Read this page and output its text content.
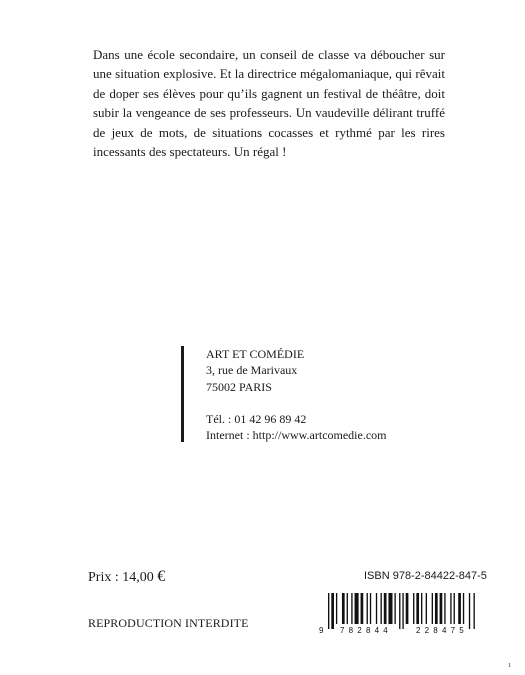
Dans une école secondaire, un conseil de classe va déboucher sur une situation explosive. Et la directrice mégalomaniaque, qui rêvait de doper ses élèves pour qu’ils gagnent un festival de théâtre, doit subir la vengeance de ses professeurs. Un vaudeville délirant truffé de jeux de mots, de situations cocasses et rythmé par les rires incessants des spectateurs. Un régal !

ART ET COMÉDIE
3, rue de Marivaux
75002 PARIS
Tél. : 01 42 96 89 42
Internet : http://www.artcomedie.com
Prix : 14,00 €
REPRODUCTION INTERDITE
ISBN 978-2-84422-847-5
9 782844	228475
1
